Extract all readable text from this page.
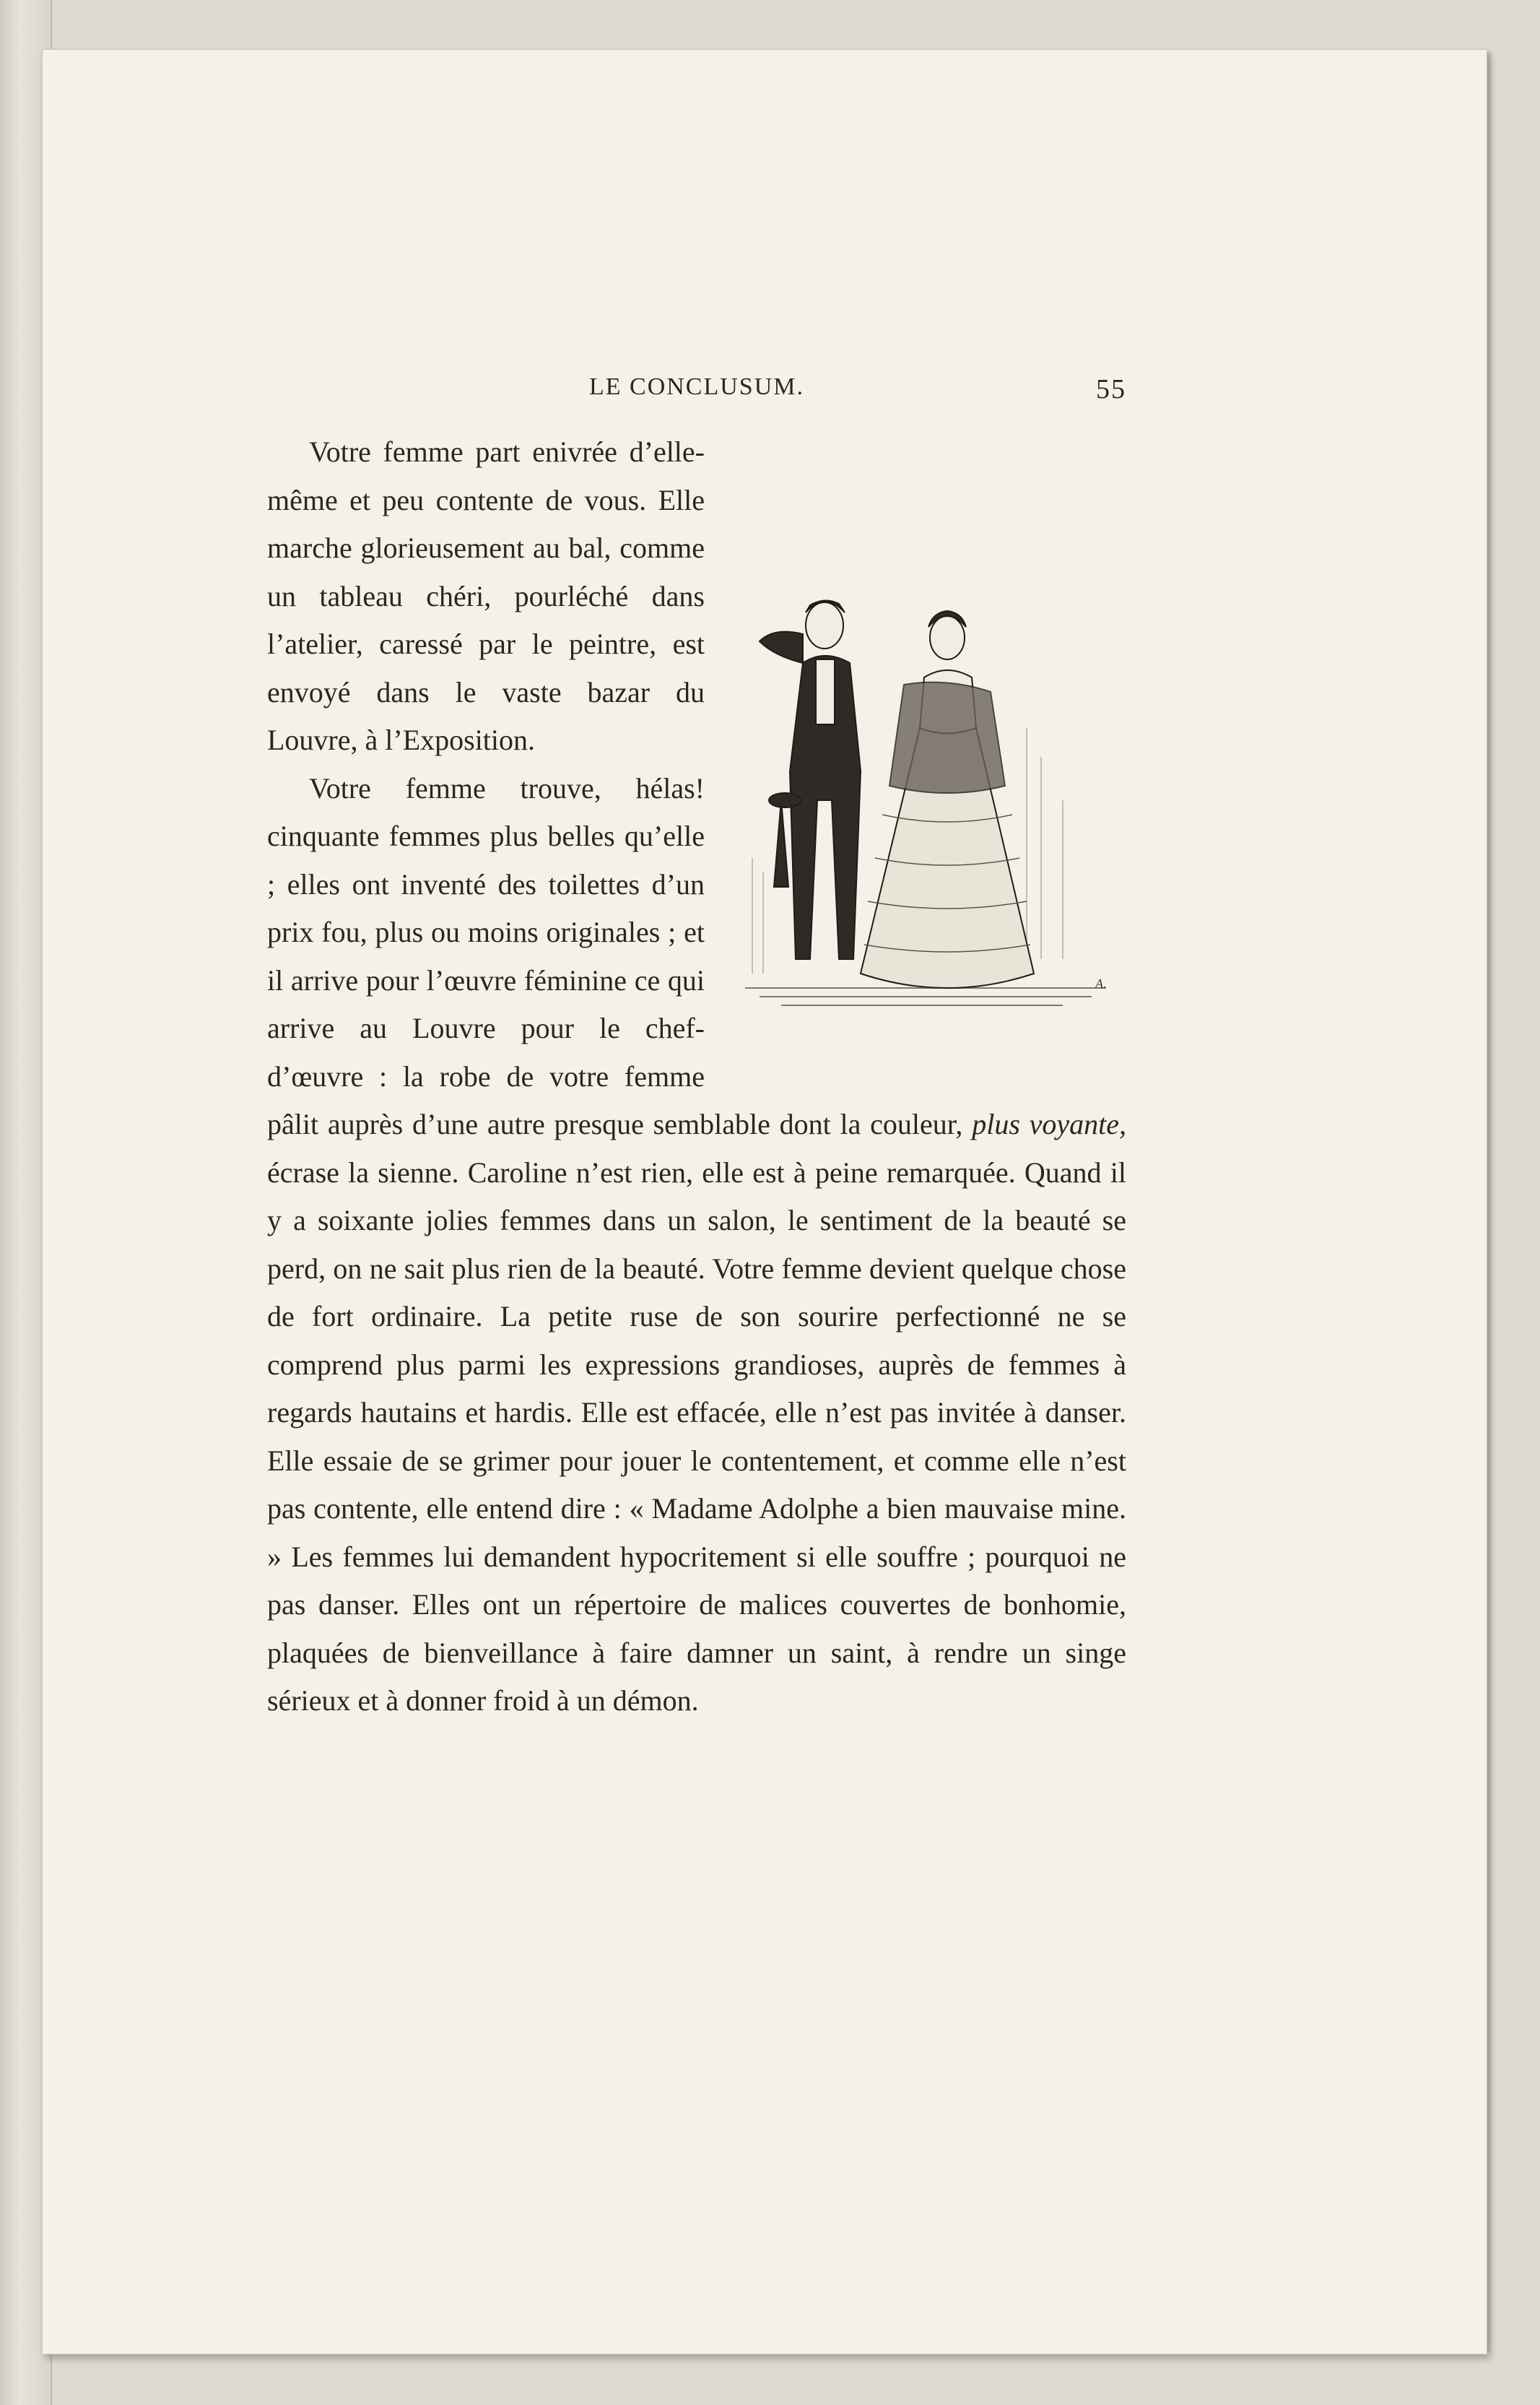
LE CONCLUSUM.	55
A.

Votre femme part enivrée d’elle-même et peu contente de vous. Elle marche glorieusement au bal, comme un tableau chéri, pourléché dans l’atelier, caressé par le peintre, est envoyé dans le vaste bazar du Louvre, à l’Exposition.

Votre femme trouve, hélas! cinquante femmes plus belles qu’elle ; elles ont inventé des toilettes d’un prix fou, plus ou moins originales ; et il arrive pour l’œuvre féminine ce qui arrive au Louvre pour le chef-d’œuvre : la robe de votre femme pâlit auprès d’une autre presque semblable dont la couleur, plus voyante, écrase la sienne. Caroline n’est rien, elle est à peine remarquée. Quand il y a soixante jolies femmes dans un salon, le sentiment de la beauté se perd, on ne sait plus rien de la beauté. Votre femme devient quelque chose de fort ordinaire. La petite ruse de son sourire perfectionné ne se comprend plus parmi les expressions grandioses, auprès de femmes à regards hautains et hardis. Elle est effacée, elle n’est pas invitée à danser. Elle essaie de se grimer pour jouer le contentement, et comme elle n’est pas contente, elle entend dire : « Madame Adolphe a bien mauvaise mine. » Les femmes lui demandent hypocritement si elle souffre ; pourquoi ne pas danser. Elles ont un répertoire de malices couvertes de bonhomie, plaquées de bienveillance à faire damner un saint, à rendre un singe sérieux et à donner froid à un démon.
